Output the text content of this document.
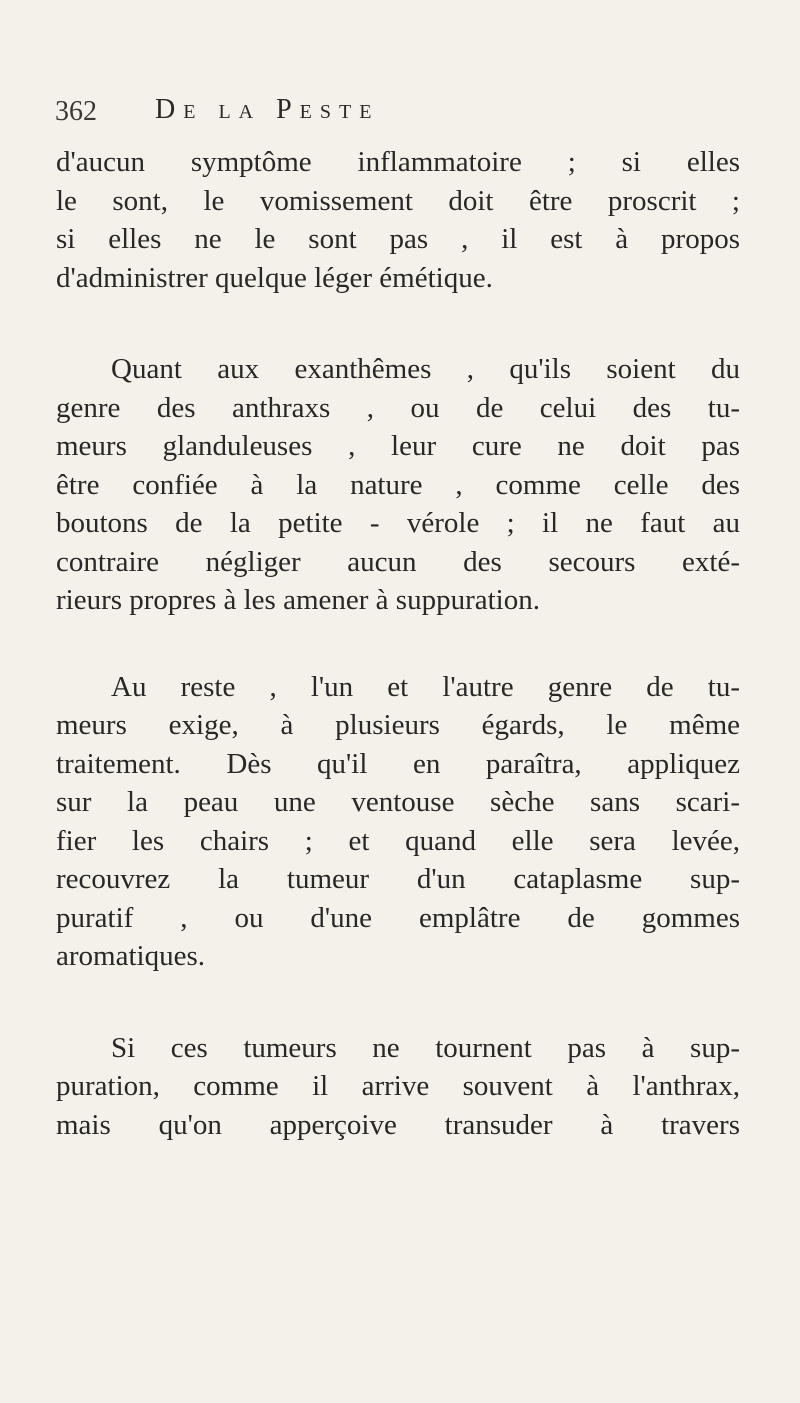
362 De la Peste
d'aucun symptôme inflammatoire ; si elles
le sont, le vomissement doit être proscrit ;
si elles ne le sont pas , il est à propos
d'administrer quelque léger émétique.
Quant aux exanthêmes , qu'ils soient du
genre des anthraxs , ou de celui des tu-
meurs glanduleuses , leur cure ne doit pas
être confiée à la nature , comme celle des
boutons de la petite - vérole ; il ne faut au
contraire négliger aucun des secours exté-
rieurs propres à les amener à suppuration.
Au reste , l'un et l'autre genre de tu-
meurs exige, à plusieurs égards, le même
traitement. Dès qu'il en paraîtra, appliquez
sur la peau une ventouse sèche sans scari-
fier les chairs ; et quand elle sera levée,
recouvrez la tumeur d'un cataplasme sup-
puratif , ou d'une emplâtre de gommes
aromatiques.
Si ces tumeurs ne tournent pas à sup-
puration, comme il arrive souvent à l'anthrax,
mais qu'on apperçoive transuder à travers
